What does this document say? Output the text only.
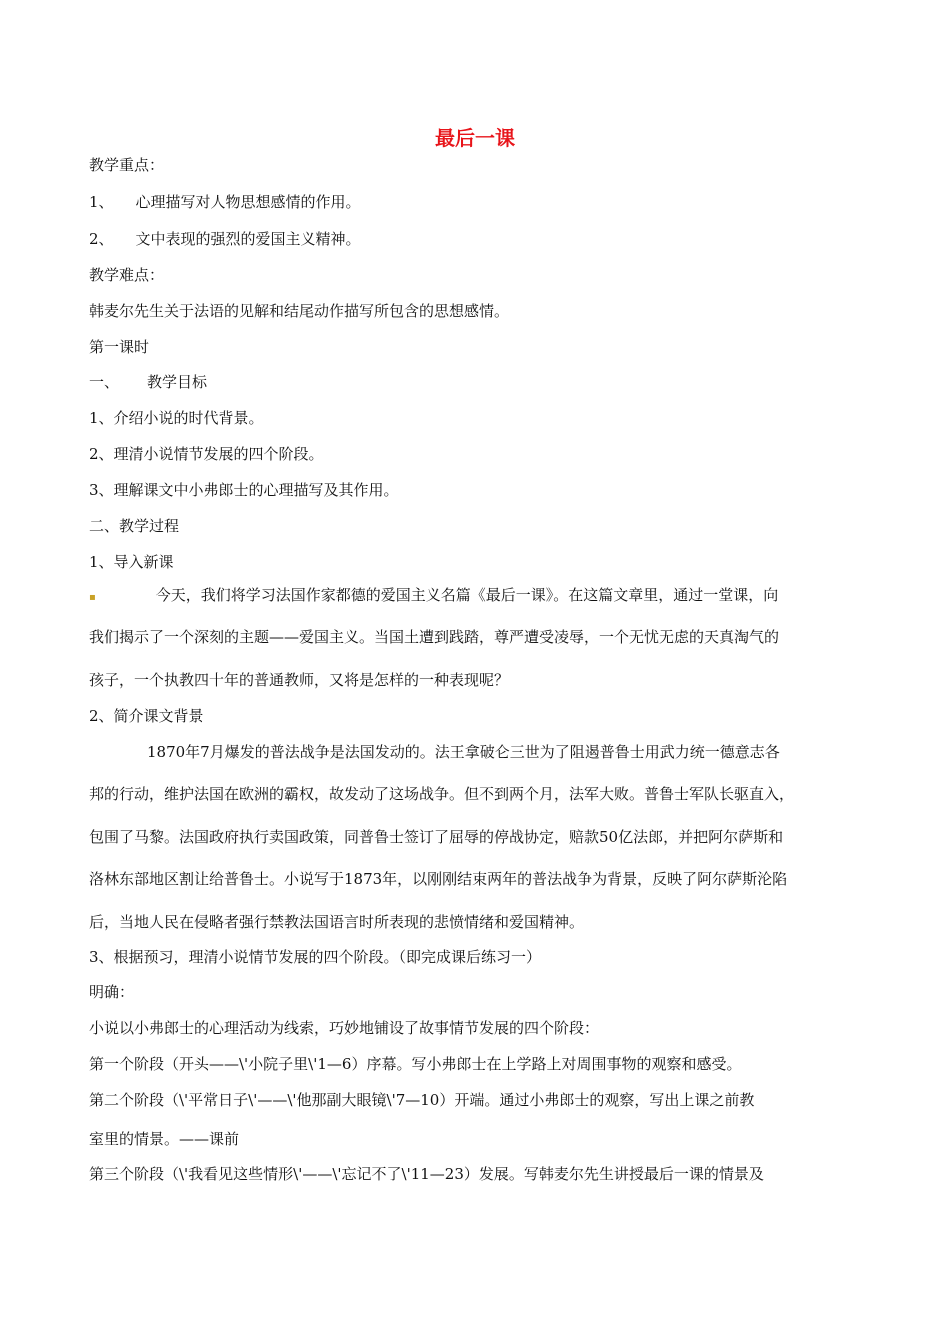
最后一课
教学重点：
1、 心理描写对人物思想感情的作用。
2、 文中表现的强烈的爱国主义精神。
教学难点：
韩麦尔先生关于法语的见解和结尾动作描写所包含的思想感情。
第一课时
一、 教学目标
1、介绍小说的时代背景。
2、理清小说情节发展的四个阶段。
3、理解课文中小弗郎士的心理描写及其作用。
二、教学过程
1、导入新课
▪	今天，我们将学习法国作家都德的爱国主义名篇《最后一课》。在这篇文章里，通过一堂课，向
我们揭示了一个深刻的主题——爱国主义。当国土遭到践踏，尊严遭受凌辱，一个无忧无虑的天真淘气的
孩子，一个执教四十年的普通教师，又将是怎样的一种表现呢？
2、简介课文背景
1870年7月爆发的普法战争是法国发动的。法王拿破仑三世为了阻遏普鲁士用武力统一德意志各
邦的行动，维护法国在欧洲的霸权，故发动了这场战争。但不到两个月，法军大败。普鲁士军队长驱直入，
包围了马黎。法国政府执行卖国政策，同普鲁士签订了屈辱的停战协定，赔款50亿法郎，并把阿尔萨斯和
洛林东部地区割让给普鲁士。小说写于1873年，以刚刚结束两年的普法战争为背景，反映了阿尔萨斯沦陷
后，当地人民在侵略者强行禁教法国语言时所表现的悲愤情绪和爱国精神。
3、根据预习，理清小说情节发展的四个阶段。（即完成课后练习一）
明确：
小说以小弗郎士的心理活动为线索，巧妙地铺设了故事情节发展的四个阶段：
第一个阶段（开头——\'小院子里\'1—6）序幕。写小弗郎士在上学路上对周围事物的观察和感受。
第二个阶段（\'平常日子\'——\'他那副大眼镜\'7—10）开端。通过小弗郎士的观察，写出上课之前教
室里的情景。——课前
第三个阶段（\'我看见这些情形\'——\'忘记不了\'11—23）发展。写韩麦尔先生讲授最后一课的情景及
